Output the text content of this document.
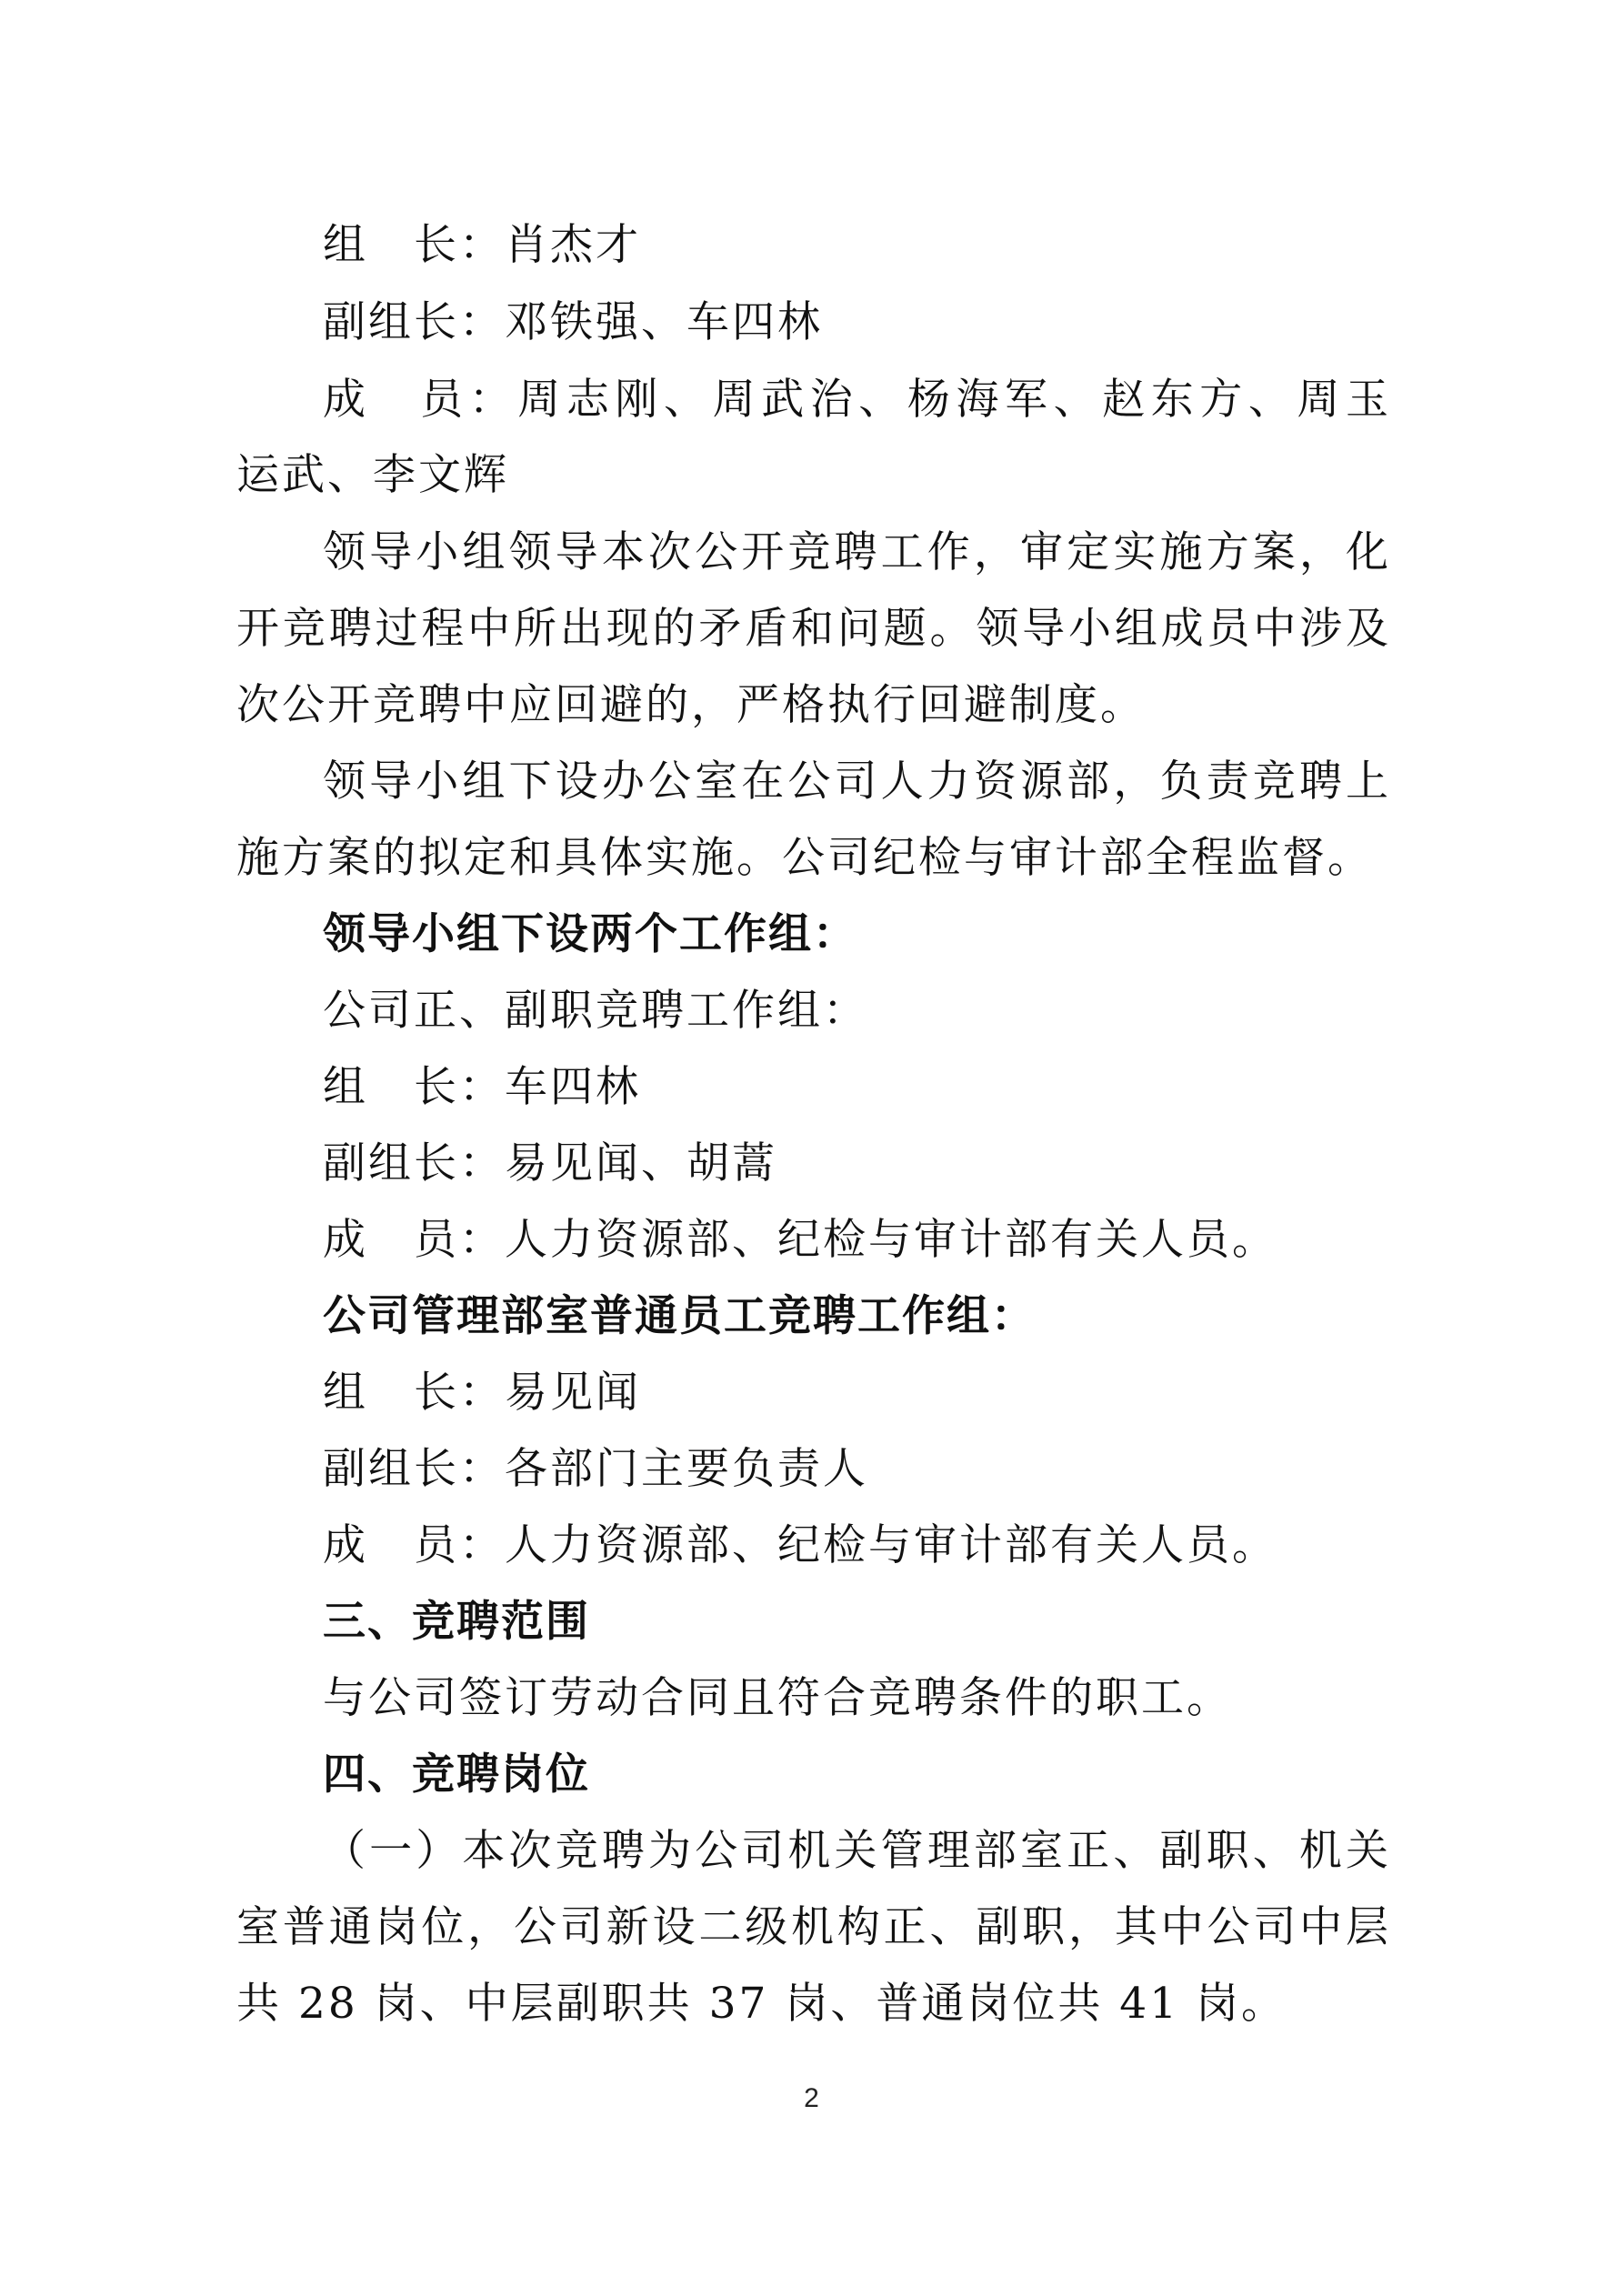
组　长：肖杰才
副组长：邓铁强、车四林
成　员：周志刚、周武治、杨海军、赵东方、周玉
运武、李文辉
领导小组领导本次公开竞聘工作，审定实施方案，化
开竞聘过程中所出现的矛盾和问题。领导小组成员中涉及
次公开竞聘中应回避的，严格执行回避制度。
领导小组下设办公室在公司人力资源部，负责竞聘上
施方案的拟定和具体实施。公司纪检与审计部全程监督。
领导小组下设两个工作组：
公司正、副职竞聘工作组：
组　长：车四林
副组长：易见闻、胡蒿
成　员：人力资源部、纪检与审计部有关人员。
公司管理部室普通员工竞聘工作组：
组　长：易见闻
副组长：各部门主要负责人
成　员：人力资源部、纪检与审计部有关人员。
三、竞聘范围
与公司签订劳动合同且符合竞聘条件的职工。
四、竞聘岗位
（一）本次竞聘为公司机关管理部室正、副职、机关
室普通岗位，公司新设二级机构正、副职，其中公司中层
共 28 岗、中层副职共 37 岗、普通岗位共 41 岗。
2
